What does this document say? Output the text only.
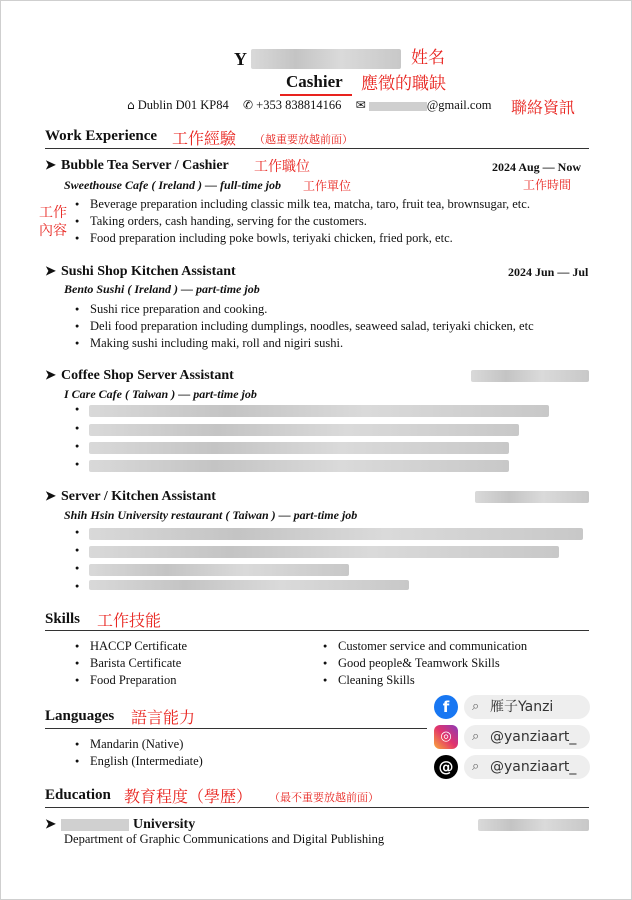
Y	姓名
Cashier 應徵的職缺
⌂ Dublin D01 KP84 ✆ +353 838814166 ✉	@gmail.com 聯絡資訊
Work Experience 工作經驗 （越重要放越前面）
➤ Bubble Tea Server / Cashier 工作職位	2024 Aug — Now
工作時間
Sweethouse Cafe ( Ireland ) — full-time job 工作單位
工作內容
● Beverage preparation including classic milk tea, matcha, taro, fruit tea, brownsugar, etc.
● Taking orders, cash handing, serving for the customers.
● Food preparation including poke bowls, teriyaki chicken, fried pork, etc.
➤ Sushi Shop Kitchen Assistant	2024 Jun — Jul
Bento Sushi ( Ireland ) — part-time job
● Sushi rice preparation and cooking.
● Deli food preparation including dumplings, noodles, seaweed salad, teriyaki chicken, etc
● Making sushi including maki, roll and nigiri sushi.
➤ Coffee Shop Server Assistant
I Care Cafe ( Taiwan ) — part-time job
●
●
●
●
➤ Server / Kitchen Assistant
Shih Hsin University restaurant ( Taiwan ) — part-time job
●
●
●
●
Skills 工作技能
● HACCP Certificate
● Barista Certificate
● Food Preparation
● Customer service and communication
● Good people& Teamwork Skills
● Cleaning Skills
Languages 語言能力
● Mandarin (Native)
● English (Intermediate)
f	⌕ 雁子Yanzi
◎	⌕ @yanziaart_
@	⌕ @yanziaart_
Education 教育程度（學歷） （最不重要放越前面）
➤	University
Department of Graphic Communications and Digital Publishing
